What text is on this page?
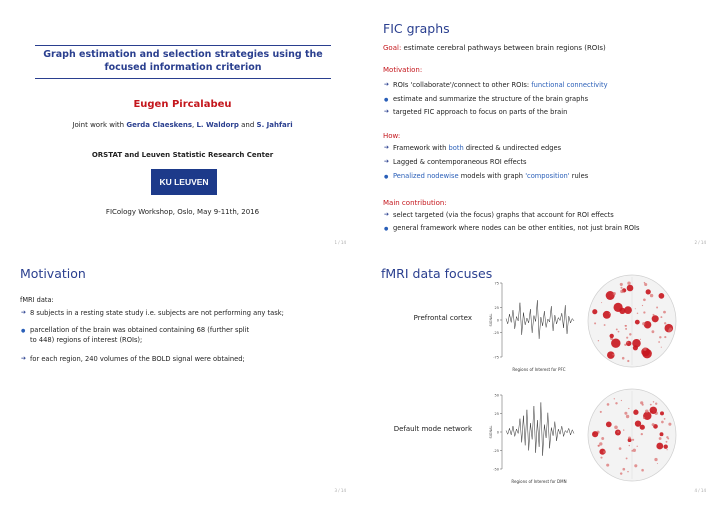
Graph estimation and selection strategies using the focused information criterion
Eugen Pircalabeu
Joint work with Gerda Claeskens, L. Waldorp and S. Jahfari
ORSTAT and Leuven Statistic Research Center
KU LEUVEN
FICology Workshop, Oslo, May 9-11th, 2016
1 / 14
FIC graphs
Goal: estimate cerebral pathways between brain regions (ROIs)
Motivation:
➔ ROIs 'collaborate'/connect to other ROIs: functional connectivity
● estimate and summarize the structure of the brain graphs
➔ targeted FIC approach to focus on parts of the brain
How:
➔ Framework with both directed & undirected edges
➔ Lagged & contemporaneous ROI effects
● Penalized nodewise models with graph 'composition' rules
Main contribution:
➔ select targeted (via the focus) graphs that account for ROI effects
● general framework where nodes can be other entities, not just brain ROIs
2 / 14
Motivation
fMRI data:
➔ 8 subjects in a resting state study i.e. subjects are not performing any task;
● parcellation of the brain was obtained containing 68 (further split to 448) regions of interest (ROIs);
➔ for each region, 240 volumes of the BOLD signal were obtained;
3 / 14
fMRI data focuses
Prefrontal cortex
Default mode network
75
25
0
-25
-75
SIGNAL
Regions of Interest for PFC
50
25
0
-25
-50
SIGNAL
Regions of Interest for DMN
4 / 14
